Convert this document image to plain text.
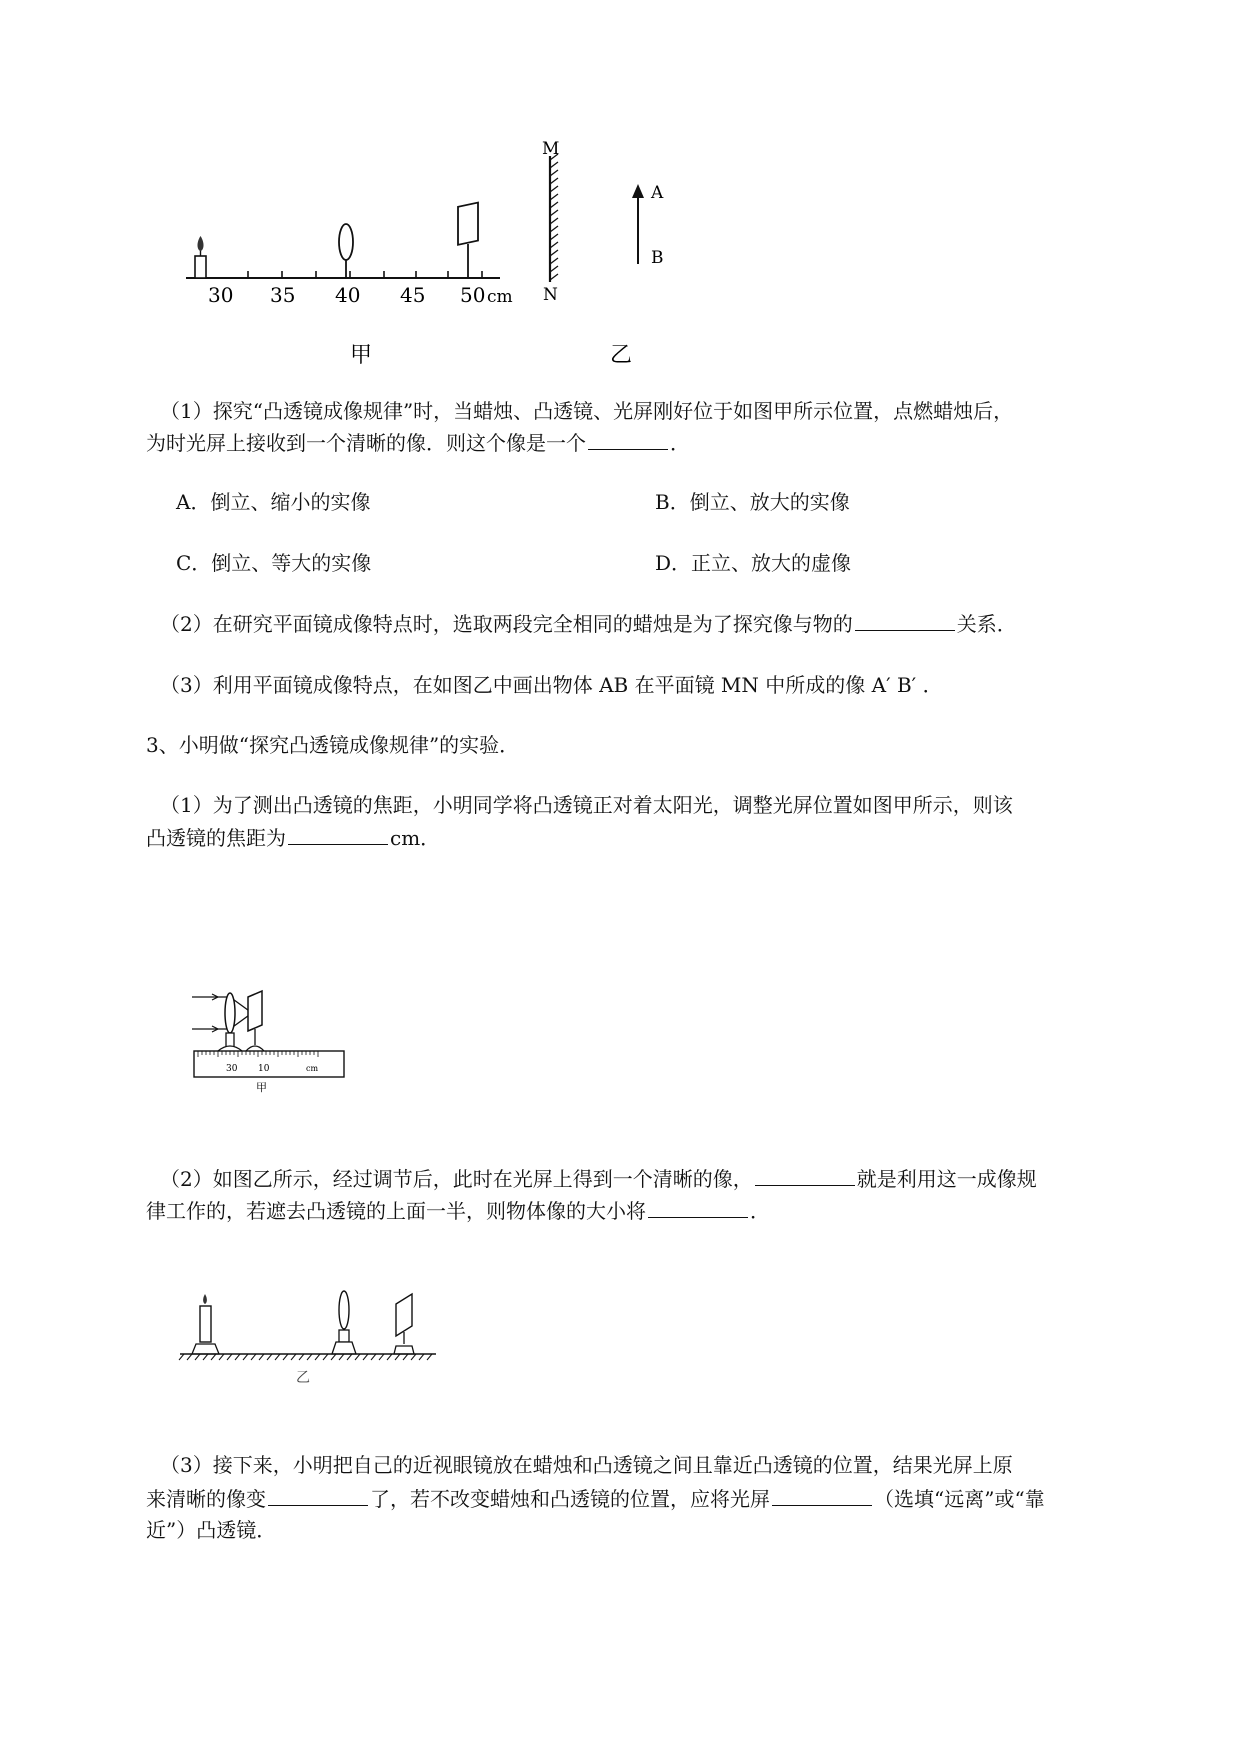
30 35 40 45 50 cm
M
N
A
B
甲	乙
（1）探究“凸透镜成像规律”时，当蜡烛、凸透镜、光屏刚好位于如图甲所示位置，点燃蜡烛后，
为时光屏上接收到一个清晰的像．则这个像是一个	．
A．倒立、缩小的实像	B．倒立、放大的实像
C．倒立、等大的实像	D．正立、放大的虚像
（2）在研究平面镜成像特点时，选取两段完全相同的蜡烛是为了探究像与物的	关系．
（3）利用平面镜成像特点，在如图乙中画出物体 AB 在平面镜 MN 中所成的像 A′ B′ ．
3、小明做“探究凸透镜成像规律”的实验．
（1）为了测出凸透镜的焦距，小明同学将凸透镜正对着太阳光，调整光屏位置如图甲所示，则该
凸透镜的焦距为	cm．
30 10	cm
甲
（2）如图乙所示，经过调节后，此时在光屏上得到一个清晰的像，	就是利用这一成像规
律工作的，若遮去凸透镜的上面一半，则物体像的大小将	．
乙
（3）接下来，小明把自己的近视眼镜放在蜡烛和凸透镜之间且靠近凸透镜的位置，结果光屏上原
来清晰的像变	了，若不改变蜡烛和凸透镜的位置，应将光屏	（选填“远离”或“靠
近”）凸透镜．
